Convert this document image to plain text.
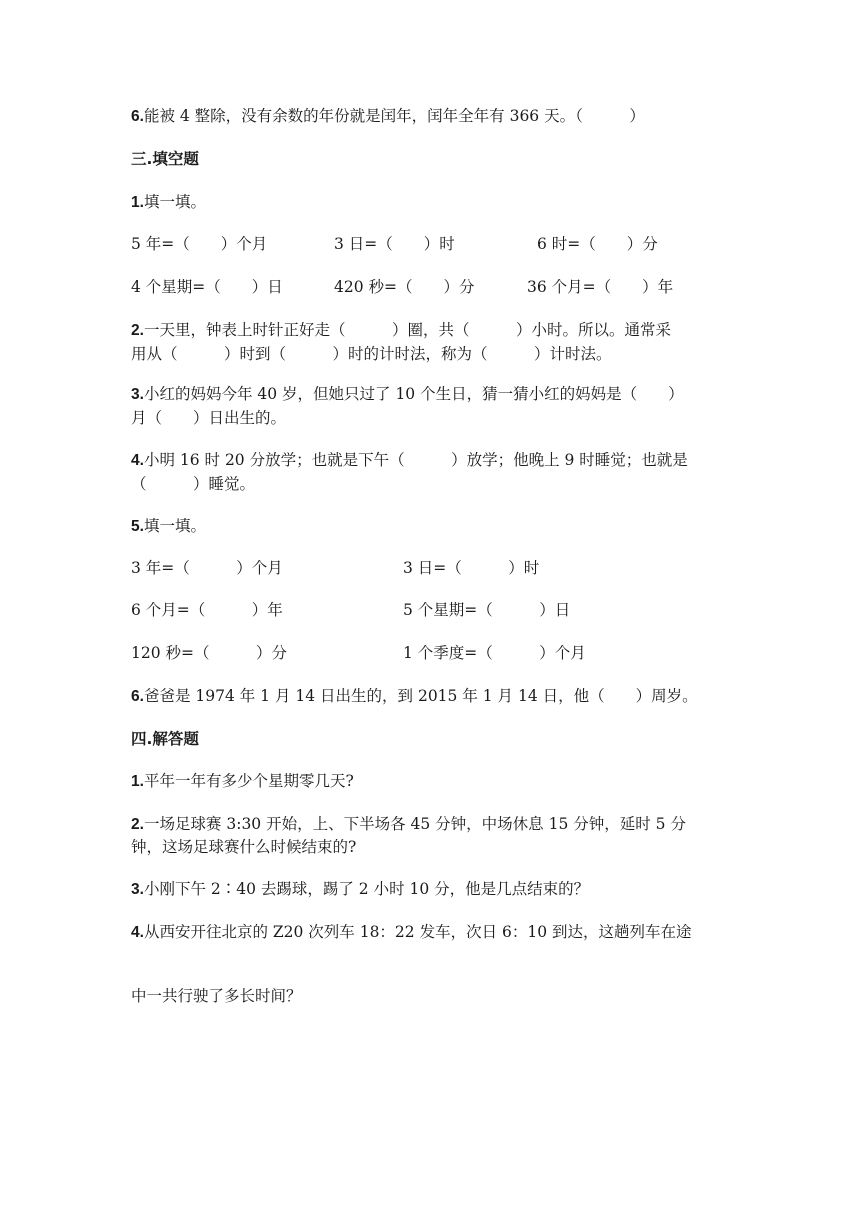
6.能被 4 整除，没有余数的年份就是闰年，闰年全年有 366 天。（　　　）
三.填空题
1.填一填。
5 年=（　　）个月	3 日=（　　）时	6 时=（　　）分
4 个星期=（　　）日	420 秒=（　　）分	36 个月=（　　）年
2.一天里，钟表上时针正好走（　　　）圈，共（　　　）小时。所以。通常采
用从（　　　）时到（　　　）时的计时法，称为（　　　）计时法。
3.小红的妈妈今年 40 岁，但她只过了 10 个生日，猜一猜小红的妈妈是（　　）
月（　　）日出生的。
4.小明 16 时 20 分放学；也就是下午（　　　）放学；他晚上 9 时睡觉；也就是
（　　　）睡觉。
5.填一填。
3 年=（　　　）个月	3 日=（　　　）时
6 个月=（　　　）年	5 个星期=（　　　）日
120 秒=（　　　）分	1 个季度=（　　　）个月
6.爸爸是 1974 年 1 月 14 日出生的，到 2015 年 1 月 14 日，他（　　）周岁。
四.解答题
1.平年一年有多少个星期零几天?
2.一场足球赛 3:30 开始，上、下半场各 45 分钟，中场休息 15 分钟，延时 5 分
钟，这场足球赛什么时候结束的?
3.小刚下午 2∶40 去踢球，踢了 2 小时 10 分，他是几点结束的？
4.从西安开往北京的 Z20 次列车 18：22 发车，次日 6：10 到达，这趟列车在途
中一共行驶了多长时间？
